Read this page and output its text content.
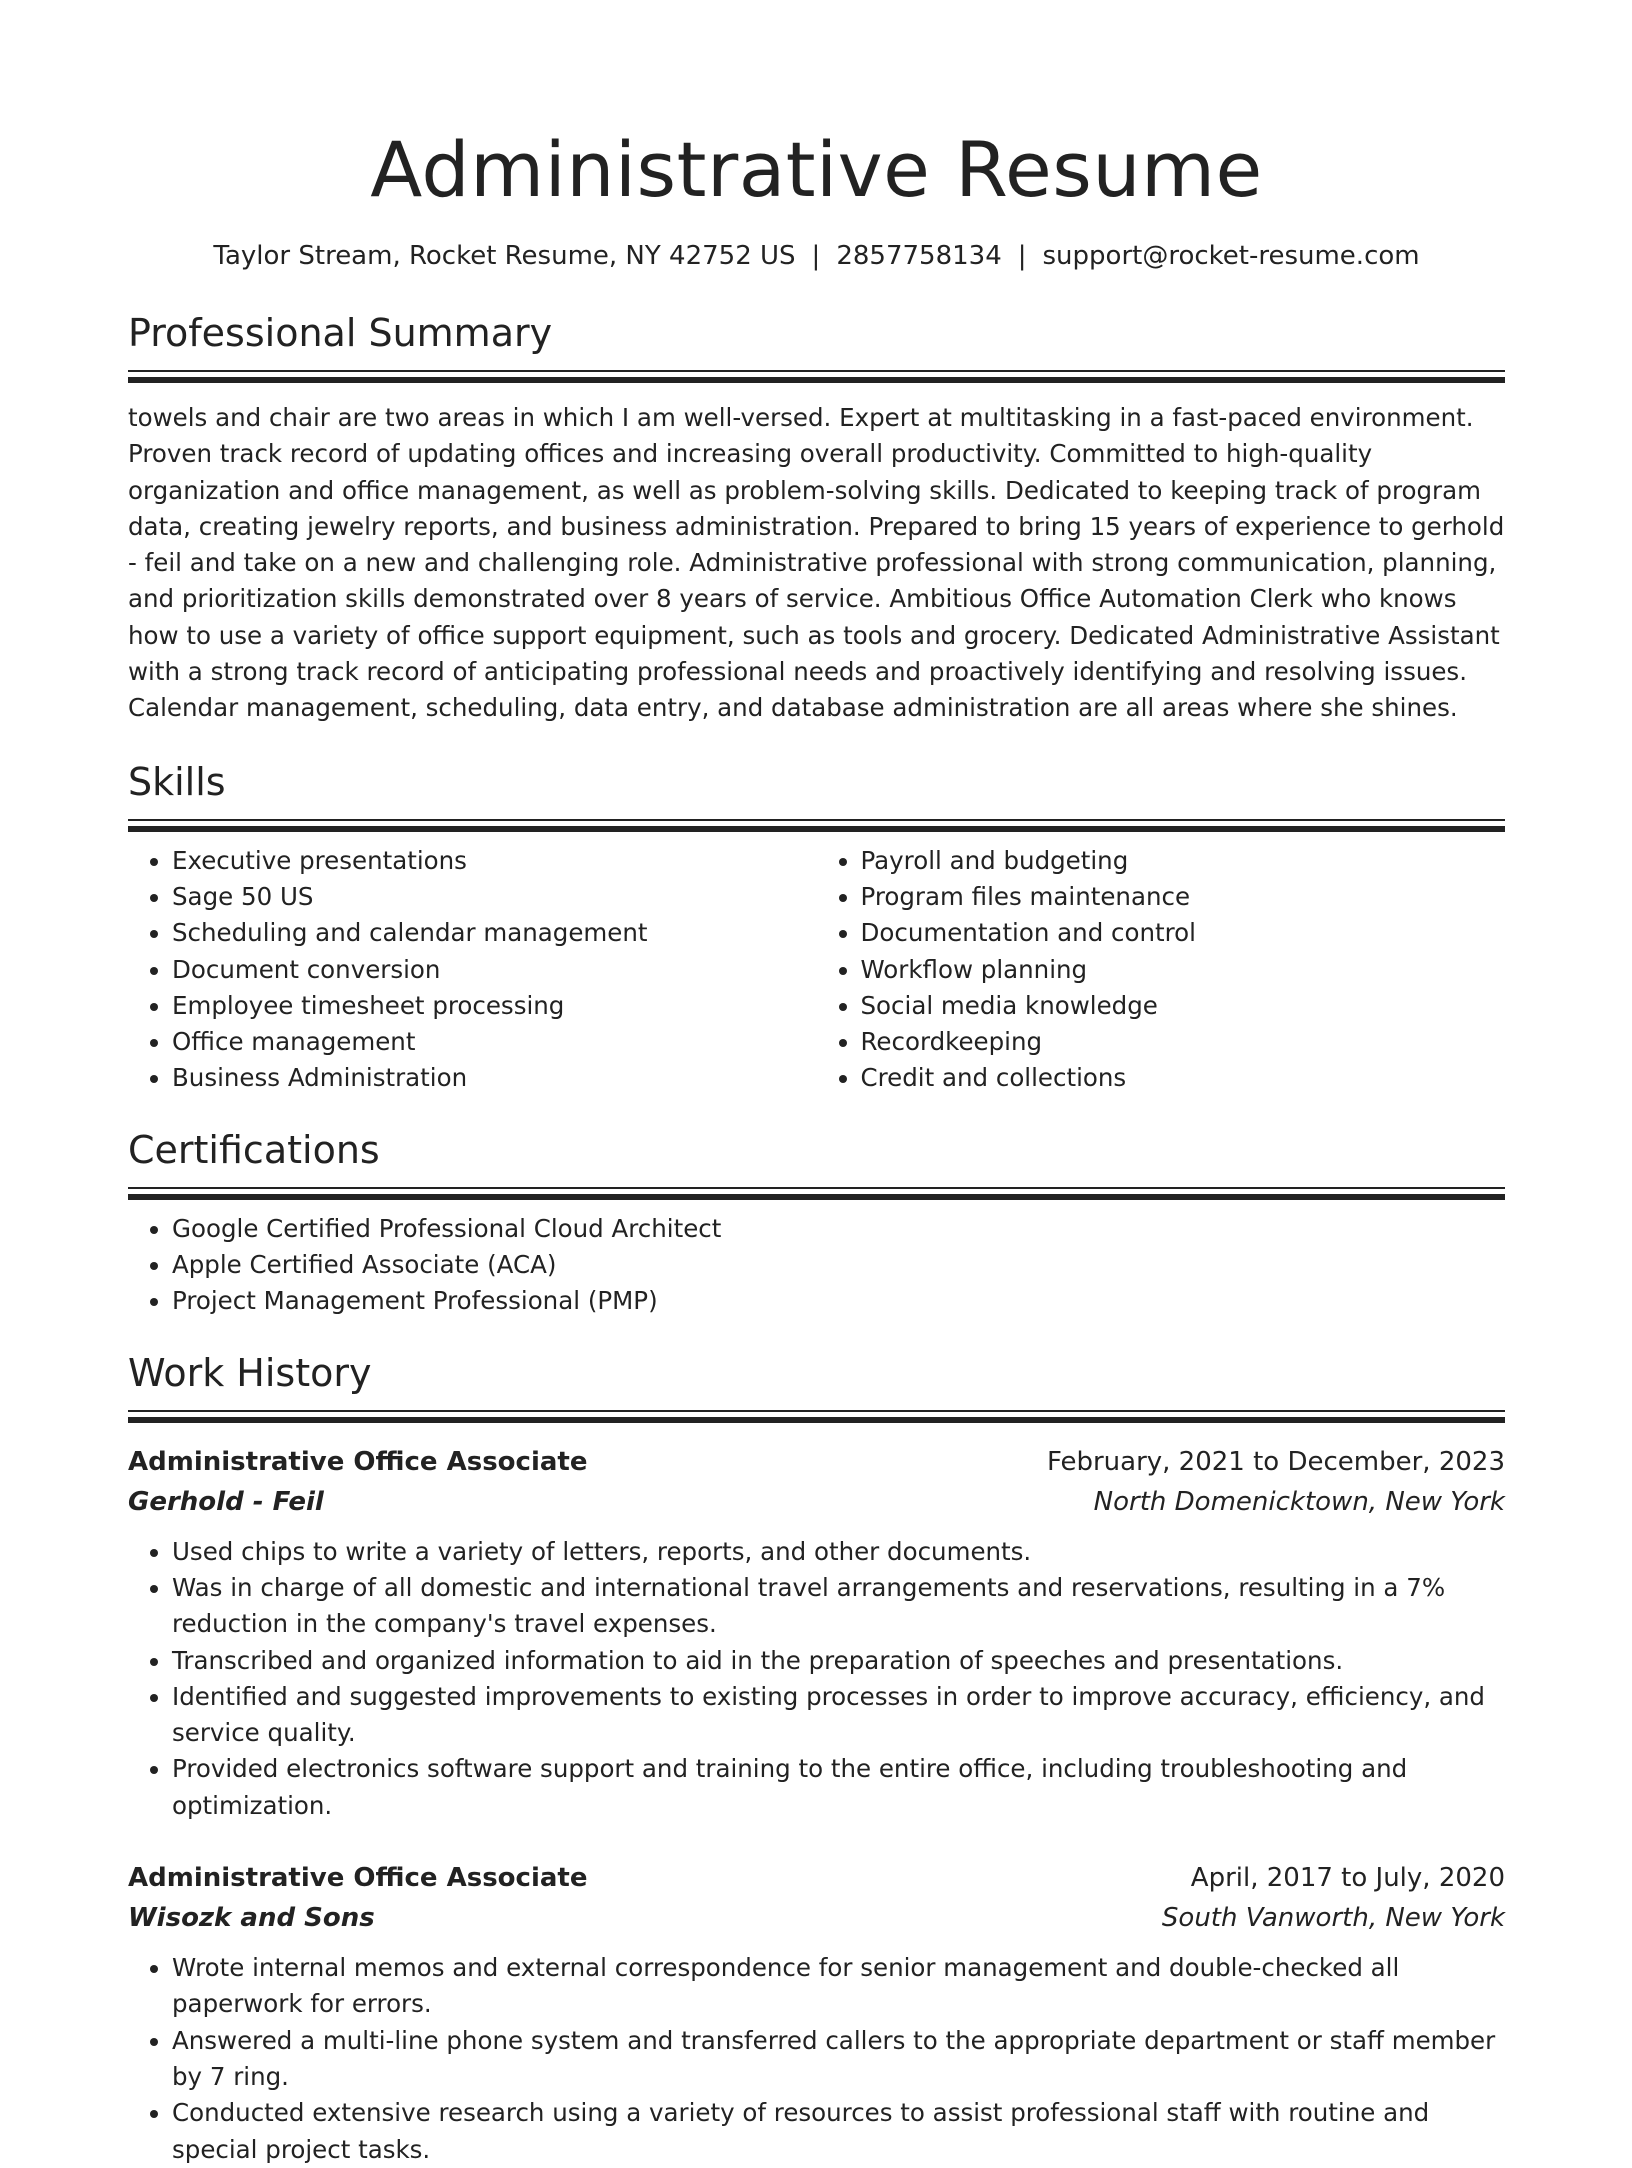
Administrative Resume
Taylor Stream, Rocket Resume, NY 42752 US | 2857758134 | support@rocket-resume.com
Professional Summary
towels and chair are two areas in which I am well-versed. Expert at multitasking in a fast-paced environment. Proven track record of updating offices and increasing overall productivity. Committed to high-quality organization and office management, as well as problem-solving skills. Dedicated to keeping track of program data, creating jewelry reports, and business administration. Prepared to bring 15 years of experience to gerhold - feil and take on a new and challenging role. Administrative professional with strong communication, planning, and prioritization skills demonstrated over 8 years of service. Ambitious Office Automation Clerk who knows how to use a variety of office support equipment, such as tools and grocery. Dedicated Administrative Assistant with a strong track record of anticipating professional needs and proactively identifying and resolving issues. Calendar management, scheduling, data entry, and database administration are all areas where she shines.
Skills
• Executive presentations
• Sage 50 US
• Scheduling and calendar management
• Document conversion
• Employee timesheet processing
• Office management
• Business Administration
• Payroll and budgeting
• Program files maintenance
• Documentation and control
• Workflow planning
• Social media knowledge
• Recordkeeping
• Credit and collections
Certifications
• Google Certified Professional Cloud Architect
• Apple Certified Associate (ACA)
• Project Management Professional (PMP)
Work History
Administrative Office Associate	February, 2021 to December, 2023
Gerhold - Feil	North Domenicktown, New York
• Used chips to write a variety of letters, reports, and other documents.
• Was in charge of all domestic and international travel arrangements and reservations, resulting in a 7% reduction in the company's travel expenses.
• Transcribed and organized information to aid in the preparation of speeches and presentations.
• Identified and suggested improvements to existing processes in order to improve accuracy, efficiency, and service quality.
• Provided electronics software support and training to the entire office, including troubleshooting and optimization.
Administrative Office Associate	April, 2017 to July, 2020
Wisozk and Sons	South Vanworth, New York
• Wrote internal memos and external correspondence for senior management and double-checked all paperwork for errors.
• Answered a multi-line phone system and transferred callers to the appropriate department or staff member by 7 ring.
• Conducted extensive research using a variety of resources to assist professional staff with routine and special project tasks.
